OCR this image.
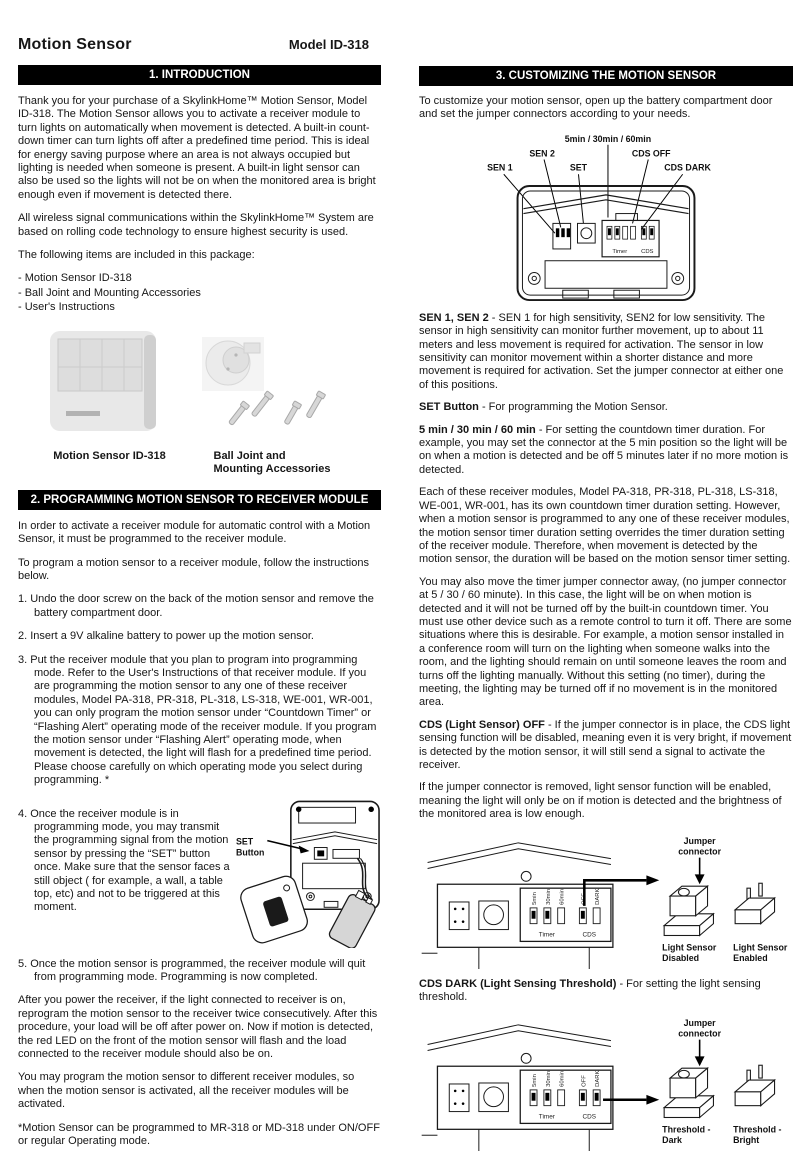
Motion Sensor	Model ID-318
1. INTRODUCTION

Thank you for your purchase of a SkylinkHome™ Motion Sensor, Model ID-318. The Motion Sensor allows you to activate a receiver module to turn lights on automatically when movement is detected. A built-in count-down timer can turn lights off after a predefined time period. This is ideal for energy saving purpose where an area is not always occupied but lighting is needed when someone is present. A built-in light sensor can also be used so the lights will not be on when the monitored area is bright enough even if movement is detected there.

All wireless signal communications within the SkylinkHome™ System are based on rolling code technology to ensure highest security is used.

The following items are included in this package:

- Motion Sensor ID-318
- Ball Joint and Mounting Accessories
- User's Instructions
Motion Sensor ID-318	Ball Joint and
Mounting Accessories
2. PROGRAMMING MOTION SENSOR TO RECEIVER MODULE

In order to activate a receiver module for automatic control with a Motion Sensor, it must be programmed to the receiver module.

To program a motion sensor to a receiver module, follow the instructions below.

1. Undo the door screw on the back of the motion sensor and remove the battery compartment door.

2. Insert a 9V alkaline battery to power up the motion sensor.

3. Put the receiver module that you plan to program into programming mode. Refer to the User's Instructions of that receiver module. If you are programming the motion sensor to any one of these receiver modules, Model PA-318, PR-318, PL-318, LS-318, WE-001, WR-001, you can only program the motion sensor under “Countdown Timer” or “Flashing Alert” operating mode of the receiver module. If you program the motion sensor under “Flashing Alert” operating mode, when movement is detected, the light will flash for a predefined time period. Please choose carefully on which operating mode you select during programming. *

4. Once the receiver module is in programming mode, you may transmit the programming signal from the motion sensor by pressing the “SET” button once. Make sure that the sensor faces a still object ( for example, a wall, a table top, etc) and not to be triggered at this moment.

SET
Button

5. Once the motion sensor is programmed, the receiver module will quit from programming mode. Programming is now completed.

After you power the receiver, if the light connected to receiver is on, reprogram the motion sensor to the receiver twice consecutively. After this procedure, your load will be off after power on. Now if motion is detected, the red LED on the front of the motion sensor will flash and the load connected to the receiver module should also be on.

You may program the motion sensor to different receiver modules, so when the motion sensor is activated, all the receiver modules will be activated.

*Motion Sensor can be programmed to MR-318 or MD-318 under ON/OFF or regular Operating mode.

3. CUSTOMIZING THE MOTION SENSOR

To customize your motion sensor, open up the battery compartment door and set the jumper connectors according to your needs.

5min / 30min / 60min
SEN 2	CDS OFF
SEN 1	SET	CDS DARK
Timer CDS

SEN 1, SEN 2 - SEN 1 for high sensitivity, SEN2 for low sensitivity. The sensor in high sensitivity can monitor further movement, up to about 11 meters and less movement is required for activation. The sensor in low sensitivity can monitor movement within a shorter distance and more movement is required for activation. Set the jumper connector at either one of this positions.

SET Button - For programming the Motion Sensor.

5 min / 30 min / 60 min - For setting the countdown timer duration. For example, you may set the connector at the 5 min position so the light will be on when a motion is detected and be off 5 minutes later if no more motion is detected.

Each of these receiver modules, Model PA-318, PR-318, PL-318, LS-318, WE-001, WR-001, has its own countdown timer duration setting. However, when a motion sensor is programmed to any one of these receiver modules, the motion sensor timer duration setting overrides the timer duration setting of the receiver module. Therefore, when movement is detected by the motion sensor, the duration will be based on the motion sensor timer setting.

You may also move the timer jumper connector away, (no jumper connector at 5 / 30 / 60 minute). In this case, the light will be on when motion is detected and it will not be turned off by the built-in countdown timer. You must use other device such as a remote control to turn it off. There are some situations where this is desirable. For example, a motion sensor installed in a conference room will turn on the lighting when someone walks into the room, and the lighting should remain on until someone leaves the room and turns off the lighting manually. Without this setting (no timer), during the meeting, the lighting may be turned off if no movement is in the monitored area.

CDS (Light Sensor) OFF - If the jumper connector is in place, the CDS light sensing function will be disabled, meaning even it is very bright, if movement is detected by the motion sensor, it will still send a signal to activate the receiver.

If the jumper connector is removed, light sensor function will be enabled, meaning the light will only be on if motion is detected and the brightness of the monitored area is low enough.

5min 30min 60min	OFF DARK
Timer	CDS
Jumper
connector
Light Sensor
Disabled
Light Sensor
Enabled

CDS DARK (Light Sensing Threshold) - For setting the light sensing threshold.

5min 30min 60min	OFF DARK
Timer	CDS
Jumper
connector
Threshold -
Dark
Threshold -
Bright
